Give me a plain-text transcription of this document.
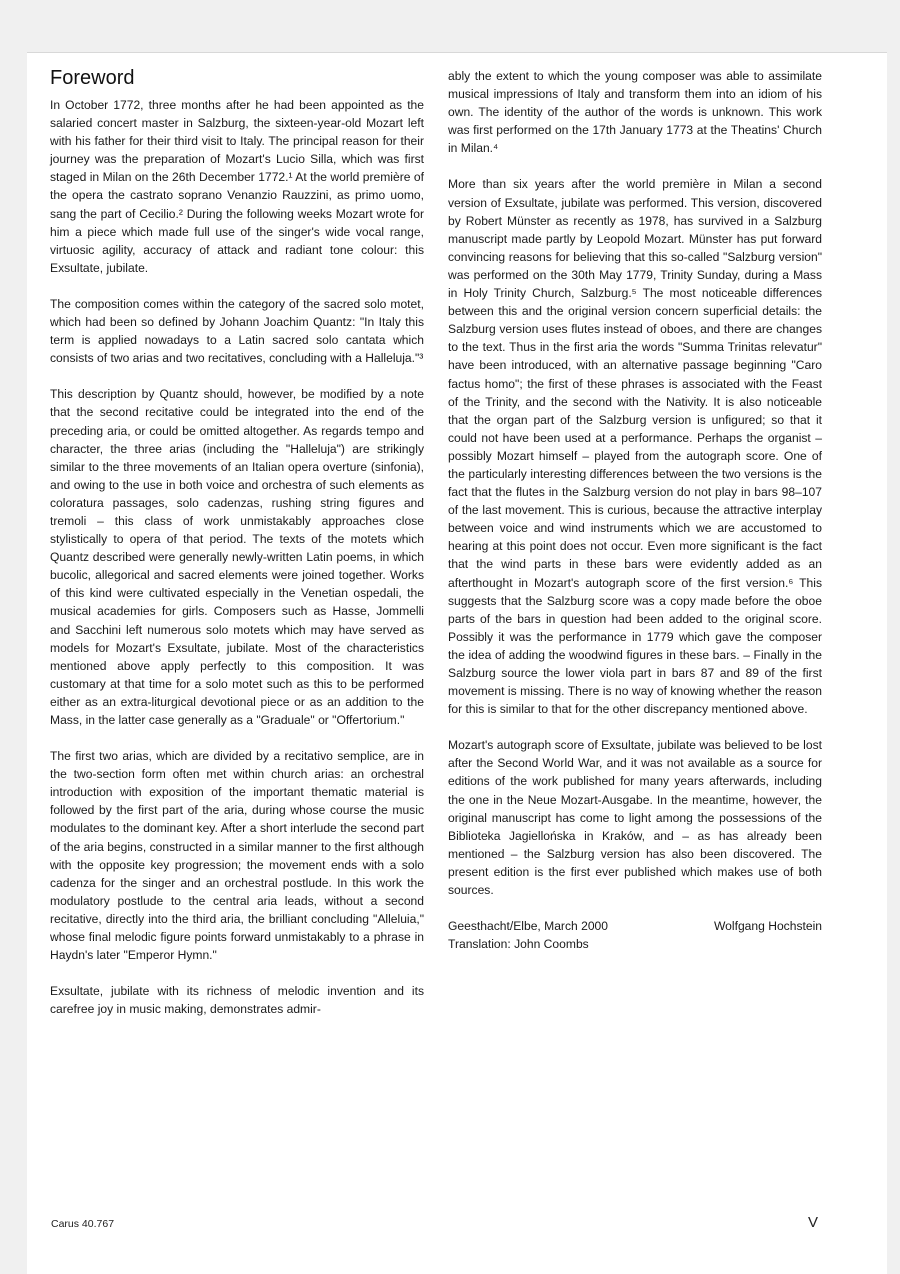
Foreword

In October 1772, three months after he had been appointed as the salaried concert master in Salzburg, the sixteen-year-old Mozart left with his father for their third visit to Italy. The principal reason for their journey was the preparation of Mozart's Lucio Silla, which was first staged in Milan on the 26th December 1772.¹ At the world première of the opera the castrato soprano Venanzio Rauzzini, as primo uomo, sang the part of Cecilio.² During the following weeks Mozart wrote for him a piece which made full use of the singer's wide vocal range, virtuosic agility, accuracy of attack and radiant tone colour: this Exsultate, jubilate.

The composition comes within the category of the sacred solo motet, which had been so defined by Johann Joachim Quantz: "In Italy this term is applied nowadays to a Latin sacred solo cantata which consists of two arias and two recitatives, concluding with a Halleluja."³

This description by Quantz should, however, be modified by a note that the second recitative could be integrated into the end of the preceding aria, or could be omitted altogether. As regards tempo and character, the three arias (including the "Halleluja") are strikingly similar to the three movements of an Italian opera overture (sinfonia), and owing to the use in both voice and orchestra of such elements as coloratura passages, solo cadenzas, rushing string figures and tremoli – this class of work unmistakably approaches close stylistically to opera of that period. The texts of the motets which Quantz described were generally newly-written Latin poems, in which bucolic, allegorical and sacred elements were joined together. Works of this kind were cultivated especially in the Venetian ospedali, the musical academies for girls. Composers such as Hasse, Jommelli and Sacchini left numerous solo motets which may have served as models for Mozart's Exsultate, jubilate. Most of the characteristics mentioned above apply perfectly to this composition. It was customary at that time for a solo motet such as this to be performed either as an extra-liturgical devotional piece or as an addition to the Mass, in the latter case generally as a "Graduale" or "Offertorium."

The first two arias, which are divided by a recitativo semplice, are in the two-section form often met within church arias: an orchestral introduction with exposition of the important thematic material is followed by the first part of the aria, during whose course the music modulates to the dominant key. After a short interlude the second part of the aria begins, constructed in a similar manner to the first although with the opposite key progression; the movement ends with a solo cadenza for the singer and an orchestral postlude. In this work the modulatory postlude to the central aria leads, without a second recitative, directly into the third aria, the brilliant concluding "Alleluia," whose final melodic figure points forward unmistakably to a phrase in Haydn's later "Emperor Hymn."

Exsultate, jubilate with its richness of melodic invention and its carefree joy in music making, demonstrates admir-

ably the extent to which the young composer was able to assimilate musical impressions of Italy and transform them into an idiom of his own. The identity of the author of the words is unknown. This work was first performed on the 17th January 1773 at the Theatins' Church in Milan.⁴

More than six years after the world première in Milan a second version of Exsultate, jubilate was performed. This version, discovered by Robert Münster as recently as 1978, has survived in a Salzburg manuscript made partly by Leopold Mozart. Münster has put forward convincing reasons for believing that this so-called "Salzburg version" was performed on the 30th May 1779, Trinity Sunday, during a Mass in Holy Trinity Church, Salzburg.⁵ The most noticeable differences between this and the original version concern superficial details: the Salzburg version uses flutes instead of oboes, and there are changes to the text. Thus in the first aria the words "Summa Trinitas relevatur" have been introduced, with an alternative passage beginning "Caro factus homo"; the first of these phrases is associated with the Feast of the Trinity, and the second with the Nativity. It is also noticeable that the organ part of the Salzburg version is unfigured; so that it could not have been used at a performance. Perhaps the organist – possibly Mozart himself – played from the autograph score. One of the particularly interesting differences between the two versions is the fact that the flutes in the Salzburg version do not play in bars 98–107 of the last movement. This is curious, because the attractive interplay between voice and wind instruments which we are accustomed to hearing at this point does not occur. Even more significant is the fact that the wind parts in these bars were evidently added as an afterthought in Mozart's autograph score of the first version.⁶ This suggests that the Salzburg score was a copy made before the oboe parts of the bars in question had been added to the original score. Possibly it was the performance in 1779 which gave the composer the idea of adding the woodwind figures in these bars. – Finally in the Salzburg source the lower viola part in bars 87 and 89 of the first movement is missing. There is no way of knowing whether the reason for this is similar to that for the other discrepancy mentioned above.

Mozart's autograph score of Exsultate, jubilate was believed to be lost after the Second World War, and it was not available as a source for editions of the work published for many years afterwards, including the one in the Neue Mozart-Ausgabe. In the meantime, however, the original manuscript has come to light among the possessions of the Biblioteka Jagiellońska in Kraków, and – as has already been mentioned – the Salzburg version has also been discovered. The present edition is the first ever published which makes use of both sources.

Geesthacht/Elbe, March 2000	Wolfgang Hochstein
Translation: John Coombs
Carus 40.767	V
